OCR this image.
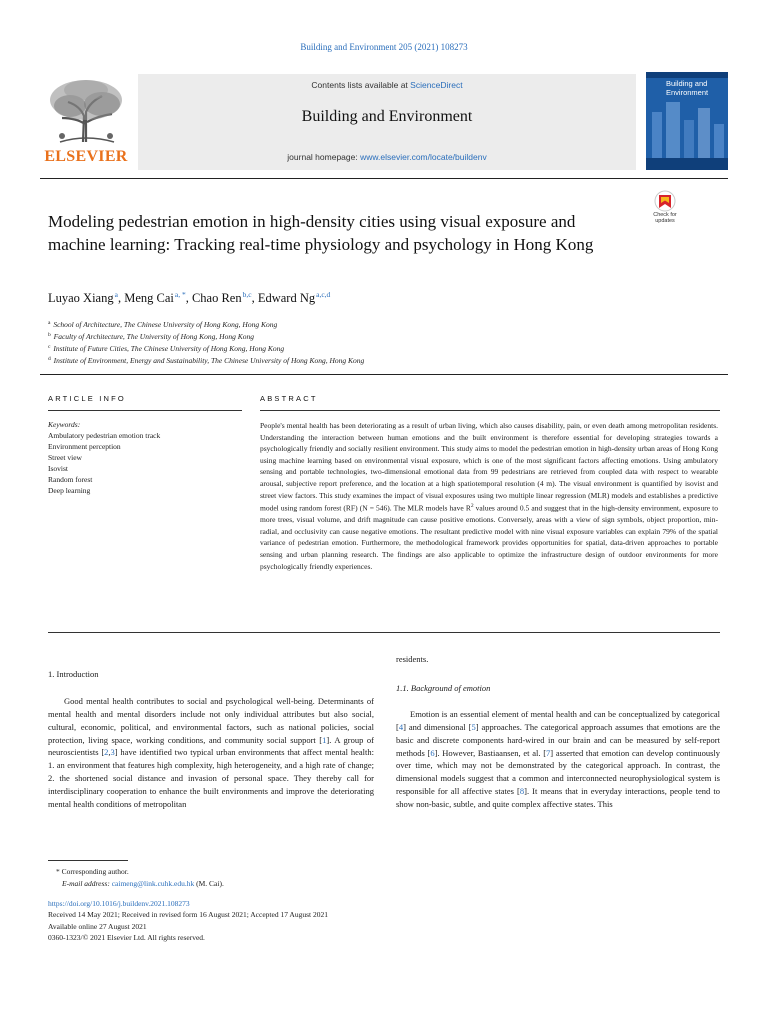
Building and Environment 205 (2021) 108273
ELSEVIER
Contents lists available at ScienceDirect
Building and Environment
journal homepage: www.elsevier.com/locate/buildenv
Building and Environment
Check for
updates
Modeling pedestrian emotion in high-density cities using visual exposure and machine learning: Tracking real-time physiology and psychology in Hong Kong
Luyao Xiang$^a$, Meng Cai$^{a, *}$, Chao Ren$^{b,c}$, Edward Ng$^{a,c,d}$
$^a$ School of Architecture, The Chinese University of Hong Kong, Hong Kong
$^b$ Faculty of Architecture, The University of Hong Kong, Hong Kong
$^c$ Institute of Future Cities, The Chinese University of Hong Kong, Hong Kong
$^d$ Institute of Environment, Energy and Sustainability, The Chinese University of Hong Kong, Hong Kong
ARTICLE INFO
Keywords:
Ambulatory pedestrian emotion track
Environment perception
Street view
Isovist
Random forest
Deep learning
ABSTRACT
People's mental health has been deteriorating as a result of urban living, which also causes disability, pain, or even death among metropolitan residents. Understanding the interaction between human emotions and the built environment is therefore essential for developing strategies towards a psychologically friendly and socially resilient environment. This study aims to model the pedestrian emotion in high-density urban areas of Hong Kong using machine learning based on environmental visual exposure, which is one of the most significant factors affecting emotions. Using ambulatory sensing and portable technologies, two-dimensional emotional data from 99 pedestrians are retrieved from coupled data with respect to wearable arousal, subjective report preference, and the location at a high spatiotemporal resolution (4 m). The visual environment is quantified by isovist and street view factors. This study examines the impact of visual exposures using two multiple linear regression (MLR) models and establishes a predictive model using random forest (RF) (N = 546). The MLR models have $R^2$ values around 0.5 and suggest that in the high-density environment, exposure to more trees, visual volume, and drift magnitude can cause positive emotions. Conversely, areas with a view of sign symbols, object proportion, min-radial, and occlusivity can cause negative emotions. The resultant predictive model with nine visual exposure variables can explain 79% of the spatial variance of pedestrian emotion. Furthermore, the methodological framework provides opportunities for spatial, data-driven approaches to portable sensing and urban planning research. The findings are also applicable to optimize the infrastructure design of outdoor environments for more psychologically friendly experiences.
1. Introduction
Good mental health contributes to social and psychological well-being. Determinants of mental health and mental disorders include not only individual attributes but also social, cultural, economic, political, and environmental factors, such as national policies, social protection, living space, working conditions, and community social support [1]. A group of neuroscientists [2,3] have identified two typical urban environments that affect mental health: 1. an environment that features high complexity, high heterogeneity, and a high rate of change; 2. the shortened social distance and invasion of personal space. They thereby call for interdisciplinary cooperation to enhance the built environments and improve the deteriorating mental health conditions of metropolitan
residents.
1.1. Background of emotion
Emotion is an essential element of mental health and can be conceptualized by categorical [4] and dimensional [5] approaches. The categorical approach assumes that emotions are the basic and discrete components hard-wired in our brain and can be measured by self-report methods [6]. However, Bastiaansen, et al. [7] asserted that emotion can develop continuously over time, which may not be demonstrated by the categorical approach. In contrast, the dimensional models suggest that a common and interconnected neurophysiological system is responsible for all affective states [8]. It means that in everyday interactions, people tend to show non-basic, subtle, and quite complex affective states. This
* Corresponding author.
E-mail address: caimeng@link.cuhk.edu.hk (M. Cai).
https://doi.org/10.1016/j.buildenv.2021.108273
Received 14 May 2021; Received in revised form 16 August 2021; Accepted 17 August 2021
Available online 27 August 2021
0360-1323/© 2021 Elsevier Ltd. All rights reserved.
